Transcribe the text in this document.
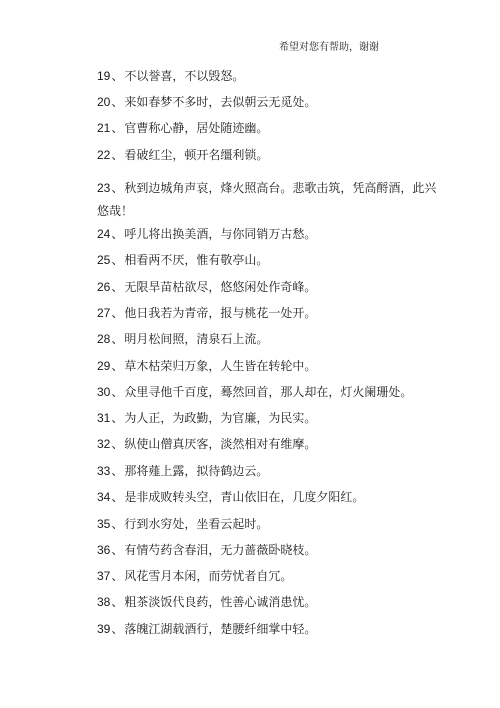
希望对您有帮助，谢谢
19、不以誉喜，不以毁怒。
20、来如春梦不多时，去似朝云无觅处。
21、官曹称心静，居处随迹幽。
22、看破红尘，顿开名缰利锁。
23、秋到边城角声哀，烽火照高台。悲歌击筑，凭高酹酒，此兴悠哉！
24、呼儿将出换美酒，与你同销万古愁。
25、相看两不厌，惟有敬亭山。
26、无限旱苗枯欲尽，悠悠闲处作奇峰。
27、他日我若为青帝，报与桃花一处开。
28、明月松间照，清泉石上流。
29、草木枯荣归万象，人生皆在转轮中。
30、众里寻他千百度，蓦然回首，那人却在，灯火阑珊处。
31、为人正，为政勤，为官廉，为民实。
32、纵使山僧真厌客，淡然相对有维摩。
33、那将薤上露，拟待鹤边云。
34、是非成败转头空，青山依旧在，几度夕阳红。
35、行到水穷处，坐看云起时。
36、有情芍药含春泪，无力蔷薇卧晓枝。
37、风花雪月本闲，而劳忧者自冗。
38、粗茶淡饭代良药，性善心诚消患忧。
39、落魄江湖载酒行，楚腰纤细掌中轻。
